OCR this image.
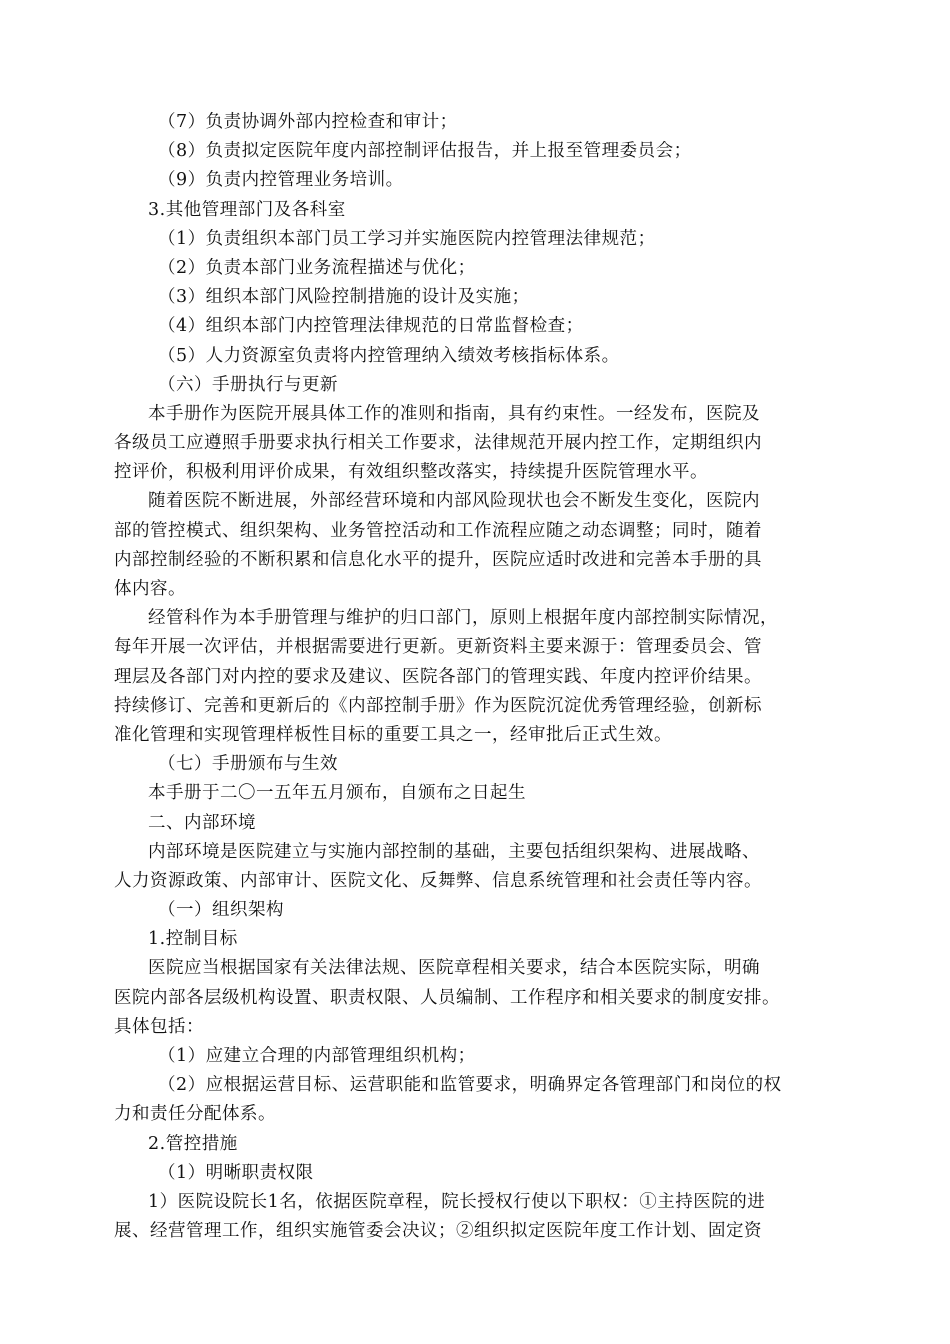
（7）负责协调外部内控检查和审计；
（8）负责拟定医院年度内部控制评估报告，并上报至管理委员会；
（9）负责内控管理业务培训。
3.其他管理部门及各科室
（1）负责组织本部门员工学习并实施医院内控管理法律规范；
（2）负责本部门业务流程描述与优化；
（3）组织本部门风险控制措施的设计及实施；
（4）组织本部门内控管理法律规范的日常监督检查；
（5）人力资源室负责将内控管理纳入绩效考核指标体系。
（六）手册执行与更新
本手册作为医院开展具体工作的准则和指南，具有约束性。一经发布，医院及
各级员工应遵照手册要求执行相关工作要求，法律规范开展内控工作，定期组织内
控评价，积极利用评价成果，有效组织整改落实，持续提升医院管理水平。
随着医院不断进展，外部经营环境和内部风险现状也会不断发生变化，医院内
部的管控模式、组织架构、业务管控活动和工作流程应随之动态调整；同时，随着
内部控制经验的不断积累和信息化水平的提升，医院应适时改进和完善本手册的具
体内容。
经管科作为本手册管理与维护的归口部门，原则上根据年度内部控制实际情况，
每年开展一次评估，并根据需要进行更新。更新资料主要来源于：管理委员会、管
理层及各部门对内控的要求及建议、医院各部门的管理实践、年度内控评价结果。
持续修订、完善和更新后的《内部控制手册》作为医院沉淀优秀管理经验，创新标
准化管理和实现管理样板性目标的重要工具之一，经审批后正式生效。
（七）手册颁布与生效
本手册于二〇一五年五月颁布，自颁布之日起生
二、内部环境
内部环境是医院建立与实施内部控制的基础，主要包括组织架构、进展战略、
人力资源政策、内部审计、医院文化、反舞弊、信息系统管理和社会责任等内容。
（一）组织架构
1.控制目标
医院应当根据国家有关法律法规、医院章程相关要求，结合本医院实际，明确
医院内部各层级机构设置、职责权限、人员编制、工作程序和相关要求的制度安排。
具体包括：
（1）应建立合理的内部管理组织机构；
（2）应根据运营目标、运营职能和监管要求，明确界定各管理部门和岗位的权
力和责任分配体系。
2.管控措施
（1）明晰职责权限
1）医院设院长1名，依据医院章程，院长授权行使以下职权：①主持医院的进
展、经营管理工作，组织实施管委会决议；②组织拟定医院年度工作计划、固定资
